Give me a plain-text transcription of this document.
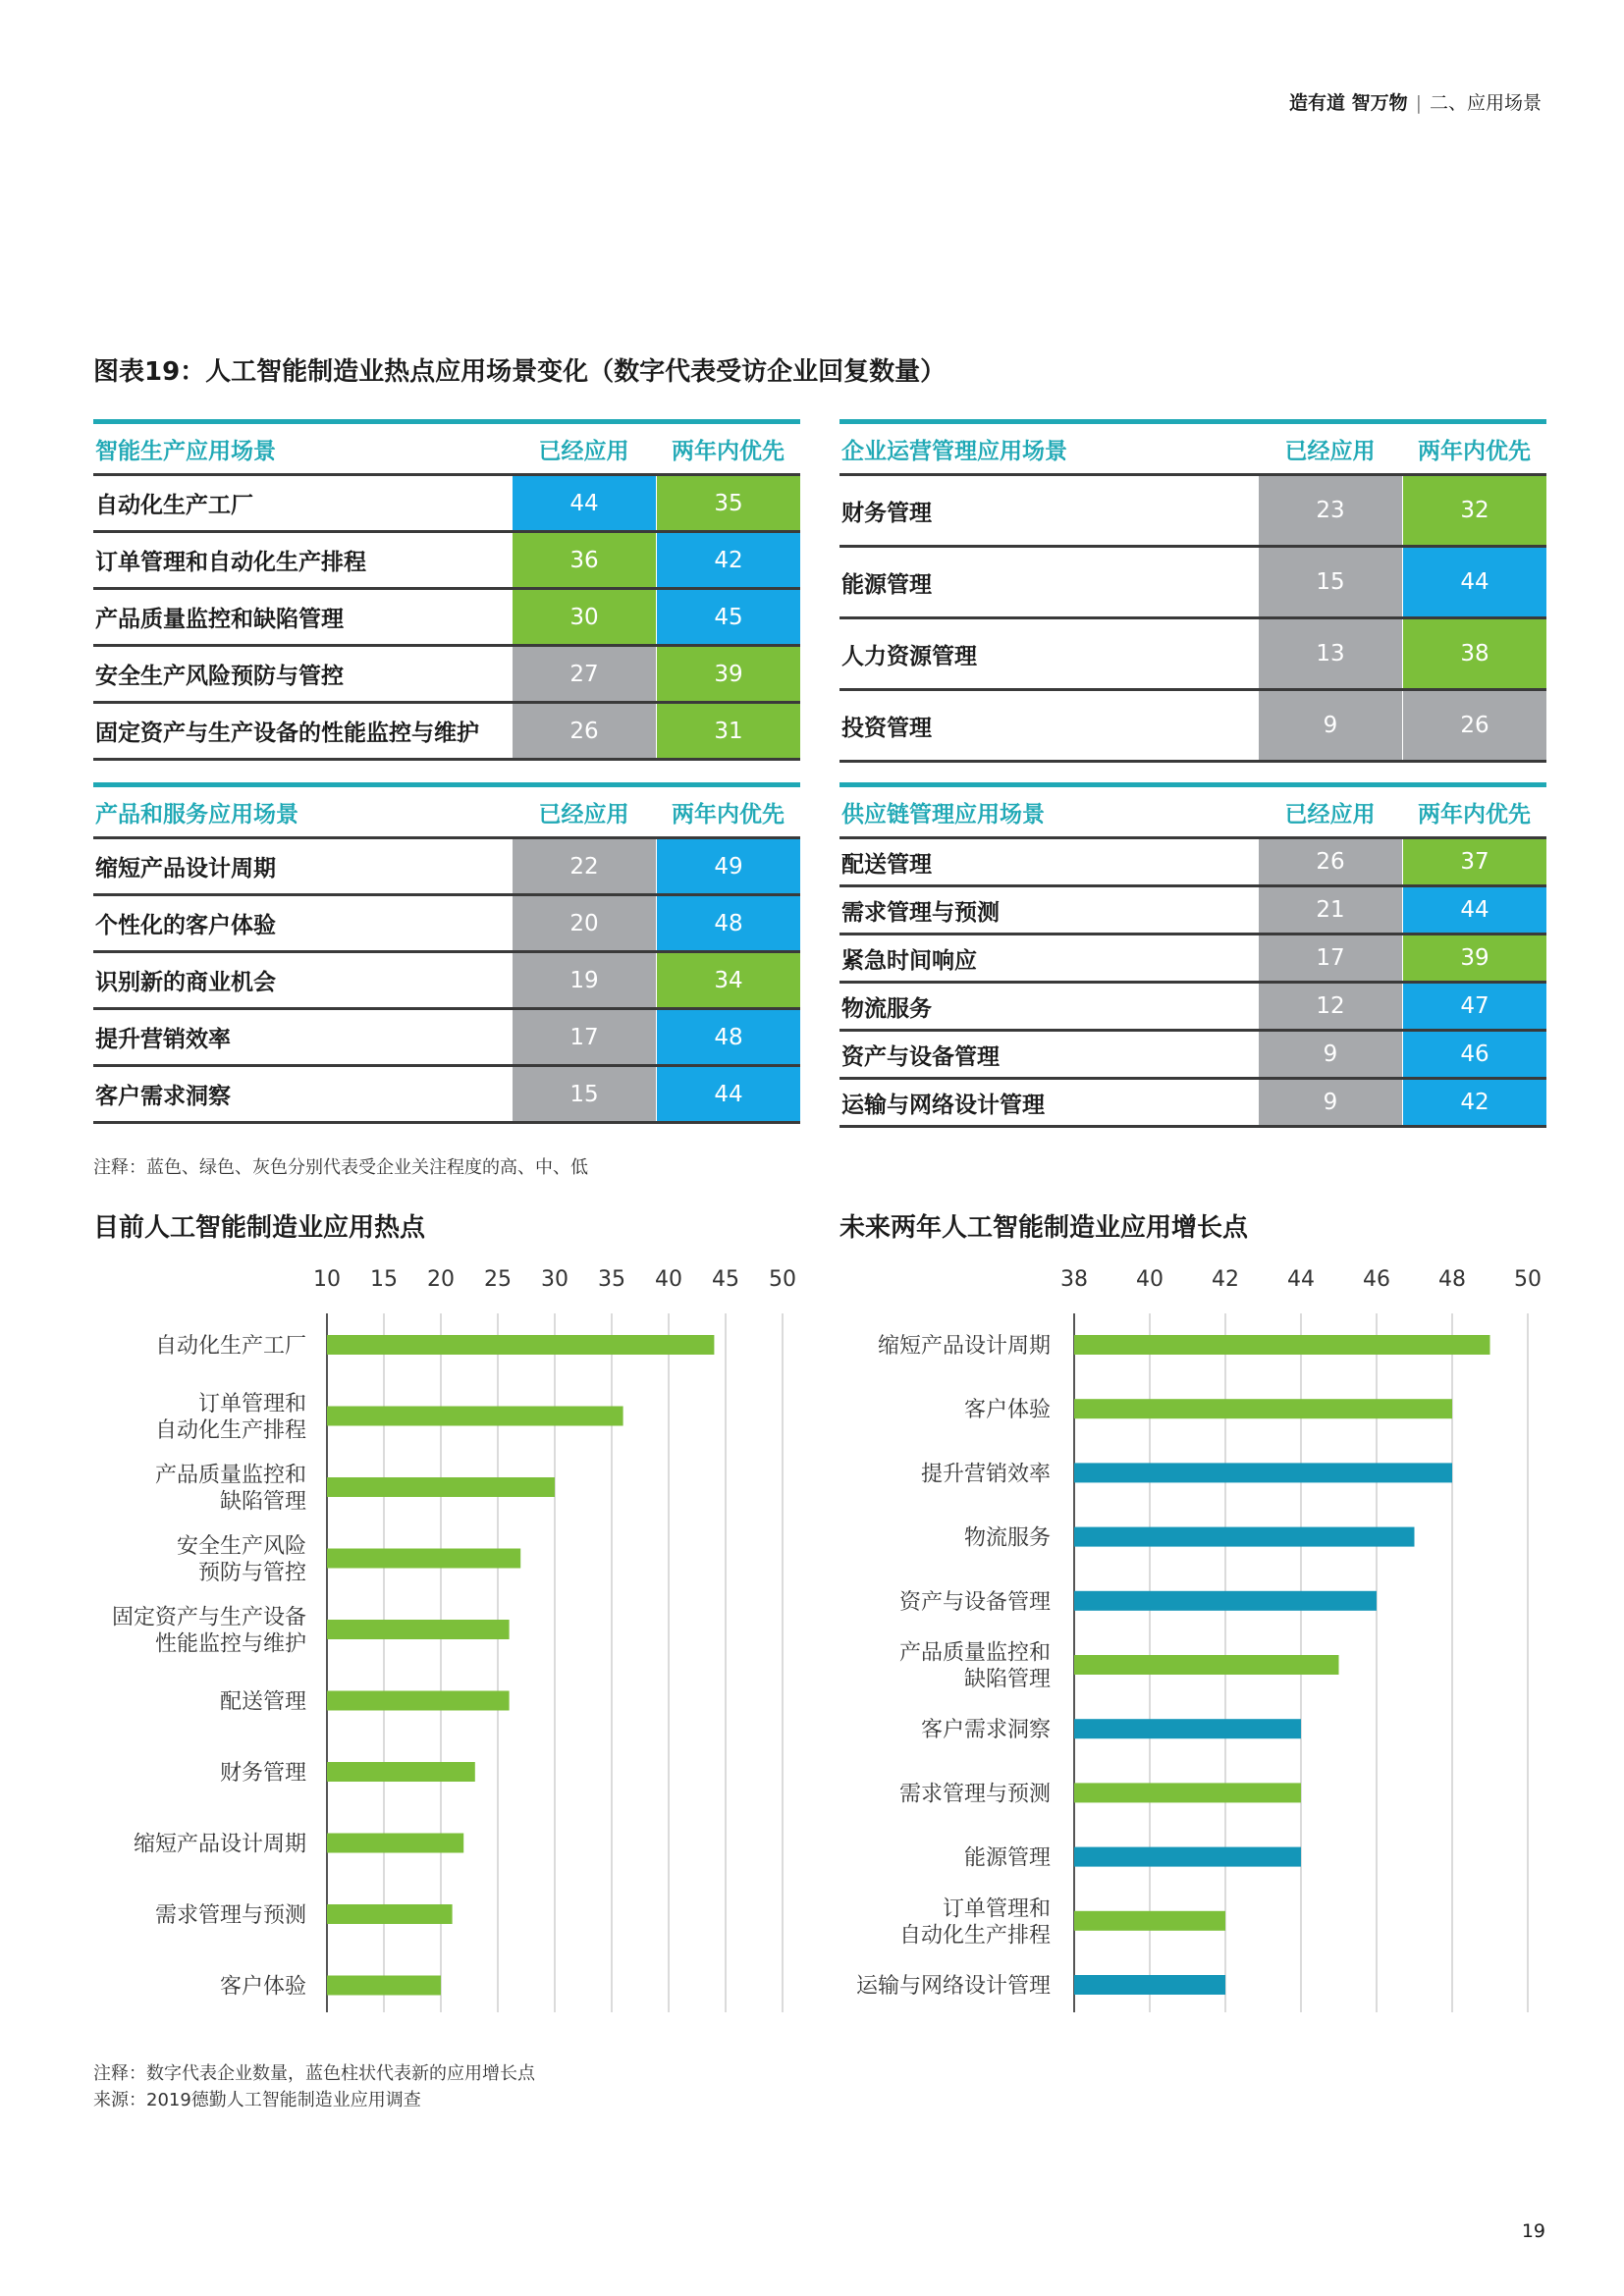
造有道 智万物 | 二、应用场景
图表19：人工智能制造业热点应用场景变化（数字代表受访企业回复数量）
智能生产应用场景	已经应用	两年内优先
自动化生产工厂	44	35
订单管理和自动化生产排程	36	42
产品质量监控和缺陷管理	30	45
安全生产风险预防与管控	27	39
固定资产与生产设备的性能监控与维护	26	31
企业运营管理应用场景	已经应用	两年内优先
财务管理	23	32
能源管理	15	44
人力资源管理	13	38
投资管理	9	26
产品和服务应用场景	已经应用	两年内优先
缩短产品设计周期	22	49
个性化的客户体验	20	48
识别新的商业机会	19	34
提升营销效率	17	48
客户需求洞察	15	44
供应链管理应用场景	已经应用	两年内优先
配送管理	26	37
需求管理与预测	21	44
紧急时间响应	17	39
物流服务	12	47
资产与设备管理	9	46
运输与网络设计管理	9	42
注释：蓝色、绿色、灰色分别代表受企业关注程度的高、中、低
目前人工智能制造业应用热点	未来两年人工智能制造业应用增长点
10 15 20 25 30 35 40 45 50
自动化生产工厂
订单管理和
自动化生产排程
产品质量监控和
缺陷管理
安全生产风险
预防与管控
固定资产与生产设备
性能监控与维护
配送管理
财务管理
缩短产品设计周期
需求管理与预测
客户体验
38 40 42 44 46 48 50
缩短产品设计周期
客户体验
提升营销效率
物流服务
资产与设备管理
产品质量监控和
缺陷管理
客户需求洞察
需求管理与预测
能源管理
订单管理和
自动化生产排程
运输与网络设计管理
注释：数字代表企业数量，蓝色柱状代表新的应用增长点
来源：2019德勤人工智能制造业应用调查
19
